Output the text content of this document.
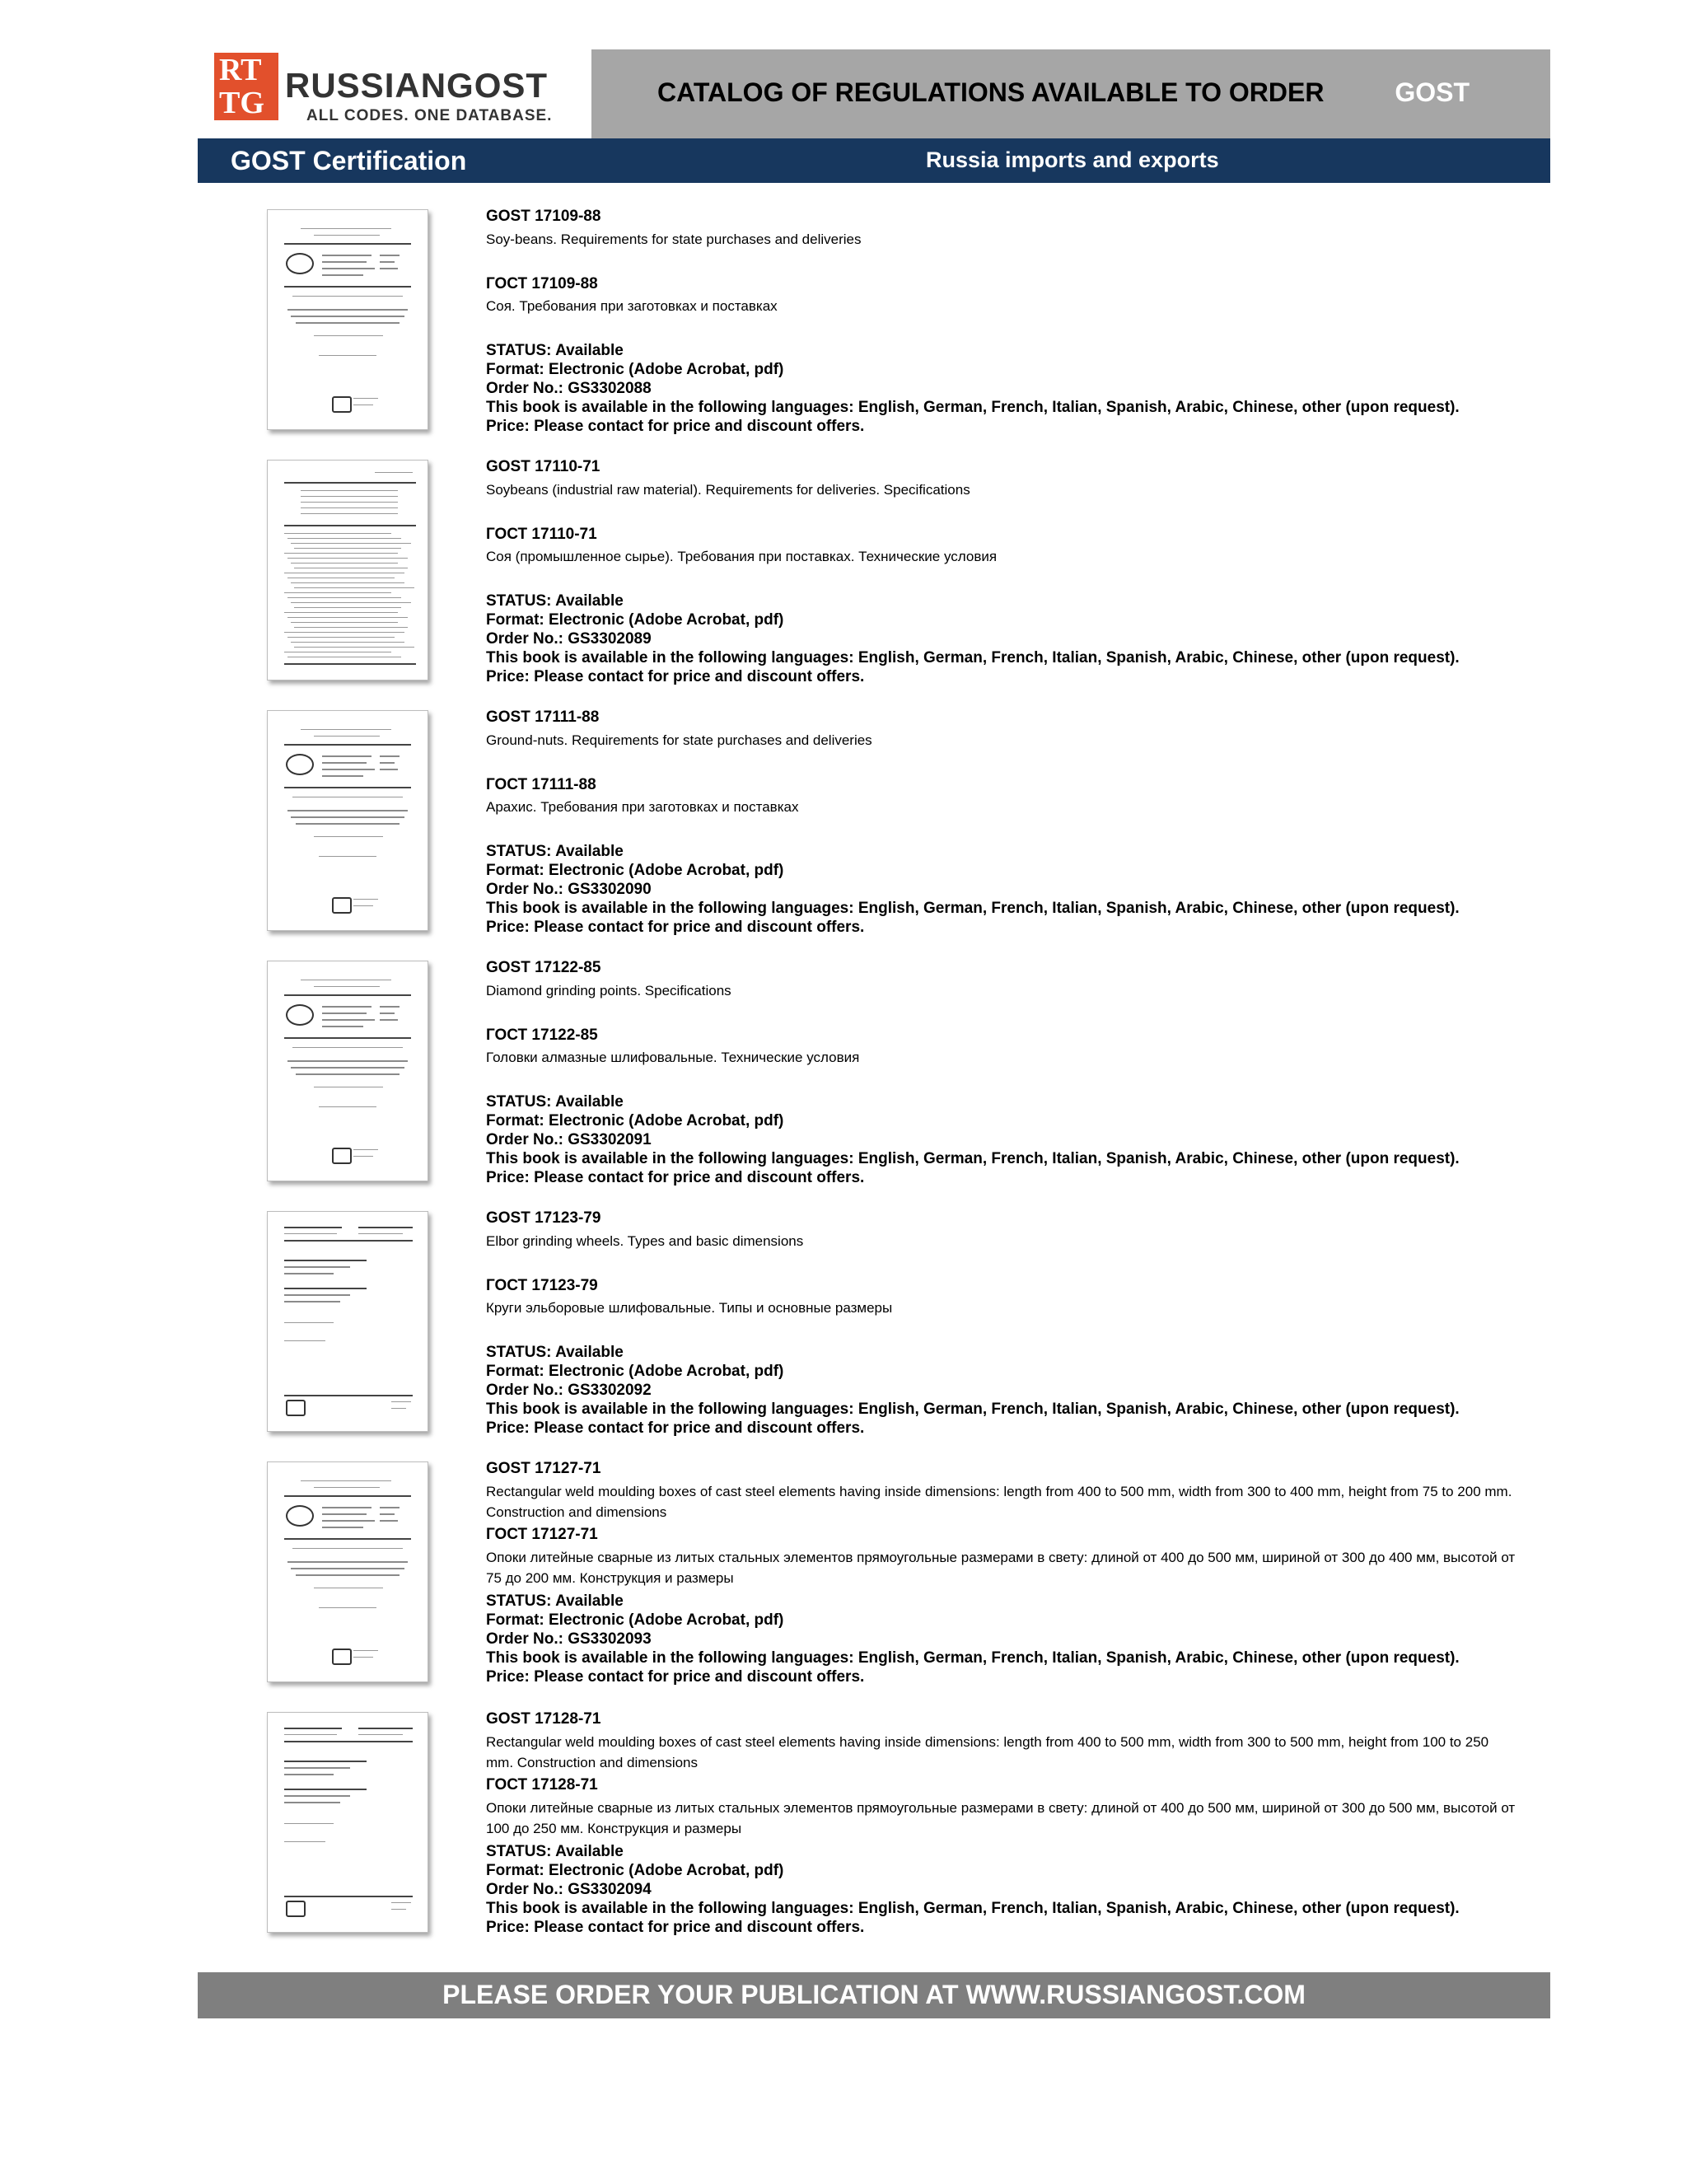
RT
TG RUSSIANGOST
ALL CODES. ONE DATABASE.
CATALOG OF REGULATIONS AVAILABLE TO ORDER	GOST
GOST Certification	Russia imports and exports
GOST 17109-88
Soy-beans. Requirements for state purchases and deliveries
ГОСТ 17109-88
Соя. Требования при заготовках и поставках
STATUS: Available
Format: Electronic (Adobe Acrobat, pdf)
Order No.: GS3302088
This book is available in the following languages: English, German, French, Italian, Spanish, Arabic, Chinese, other (upon request).
Price: Please contact for price and discount offers.
GOST 17110-71
Soybeans (industrial raw material). Requirements for deliveries. Specifications
ГОСТ 17110-71
Соя (промышленное сырье). Требования при поставках. Технические условия
STATUS: Available
Format: Electronic (Adobe Acrobat, pdf)
Order No.: GS3302089
This book is available in the following languages: English, German, French, Italian, Spanish, Arabic, Chinese, other (upon request).
Price: Please contact for price and discount offers.
GOST 17111-88
Ground-nuts. Requirements for state purchases and deliveries
ГОСТ 17111-88
Арахис. Требования при заготовках и поставках
STATUS: Available
Format: Electronic (Adobe Acrobat, pdf)
Order No.: GS3302090
This book is available in the following languages: English, German, French, Italian, Spanish, Arabic, Chinese, other (upon request).
Price: Please contact for price and discount offers.
GOST 17122-85
Diamond grinding points. Specifications
ГОСТ 17122-85
Головки алмазные шлифовальные. Технические условия
STATUS: Available
Format: Electronic (Adobe Acrobat, pdf)
Order No.: GS3302091
This book is available in the following languages: English, German, French, Italian, Spanish, Arabic, Chinese, other (upon request).
Price: Please contact for price and discount offers.
GOST 17123-79
Elbor grinding wheels. Types and basic dimensions
ГОСТ 17123-79
Круги эльборовые шлифовальные. Типы и основные размеры
STATUS: Available
Format: Electronic (Adobe Acrobat, pdf)
Order No.: GS3302092
This book is available in the following languages: English, German, French, Italian, Spanish, Arabic, Chinese, other (upon request).
Price: Please contact for price and discount offers.
GOST 17127-71
Rectangular weld moulding boxes of cast steel elements having inside dimensions: length from 400 to 500 mm, width from 300 to 400 mm, height from 75 to 200 mm. Construction and dimensions
ГОСТ 17127-71
Опоки литейные сварные из литых стальных элементов прямоугольные размерами в свету: длиной от 400 до 500 мм, шириной от 300 до 400 мм, высотой от 75 до 200 мм. Конструкция и размеры
STATUS: Available
Format: Electronic (Adobe Acrobat, pdf)
Order No.: GS3302093
This book is available in the following languages: English, German, French, Italian, Spanish, Arabic, Chinese, other (upon request).
Price: Please contact for price and discount offers.
GOST 17128-71
Rectangular weld moulding boxes of cast steel elements having inside dimensions: length from 400 to 500 mm, width from 300 to 500 mm, height from 100 to 250 mm. Construction and dimensions
ГОСТ 17128-71
Опоки литейные сварные из литых стальных элементов прямоугольные размерами в свету: длиной от 400 до 500 мм, шириной от 300 до 500 мм, высотой от 100 до 250 мм. Конструкция и размеры
STATUS: Available
Format: Electronic (Adobe Acrobat, pdf)
Order No.: GS3302094
This book is available in the following languages: English, German, French, Italian, Spanish, Arabic, Chinese, other (upon request).
Price: Please contact for price and discount offers.
PLEASE ORDER YOUR PUBLICATION AT WWW.RUSSIANGOST.COM
